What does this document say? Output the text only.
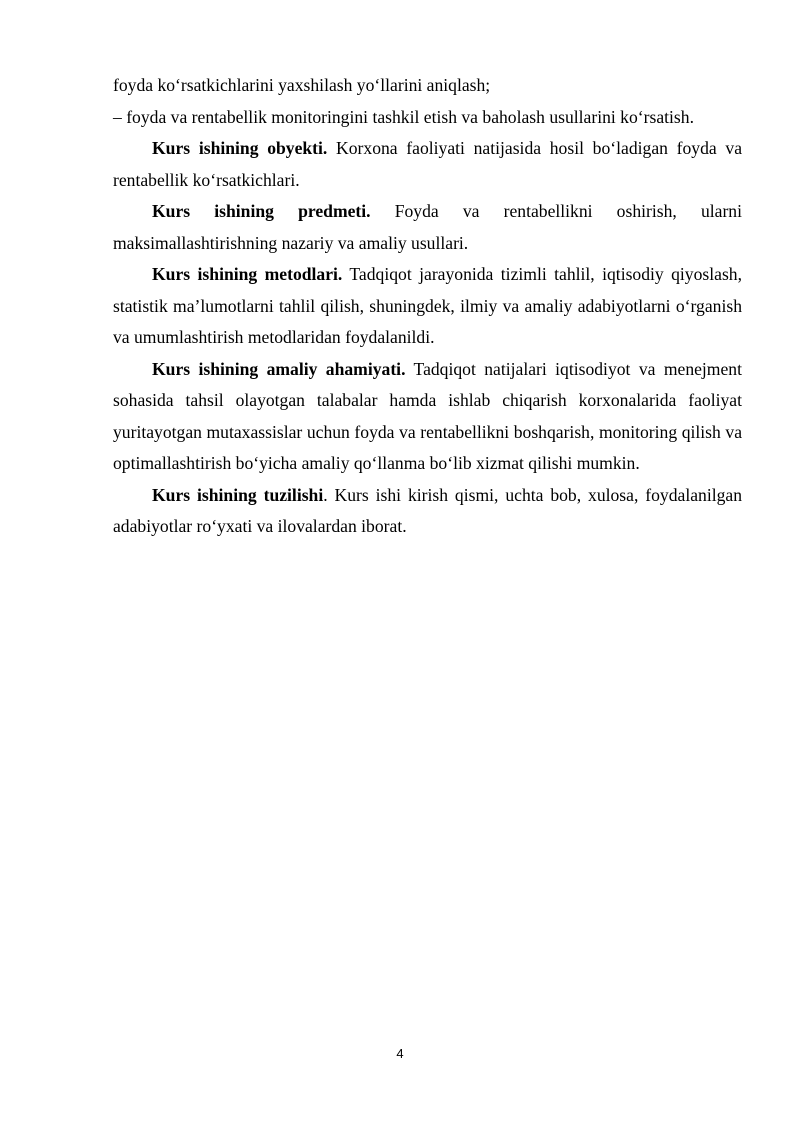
foyda koʻrsatkichlarini yaxshilash yoʻllarini aniqlash;

– foyda va rentabellik monitoringini tashkil etish va baholash usullarini koʻrsatish.

Kurs ishining obyekti. Korxona faoliyati natijasida hosil boʻladigan foyda va rentabellik koʻrsatkichlari.

Kurs ishining predmeti. Foyda va rentabellikni oshirish, ularni maksimallashtirishning nazariy va amaliy usullari.

Kurs ishining metodlari. Tadqiqot jarayonida tizimli tahlil, iqtisodiy qiyoslash, statistik ma’lumotlarni tahlil qilish, shuningdek, ilmiy va amaliy adabiyotlarni oʻrganish va umumlashtirish metodlaridan foydalanildi.

Kurs ishining amaliy ahamiyati. Tadqiqot natijalari iqtisodiyot va menejment sohasida tahsil olayotgan talabalar hamda ishlab chiqarish korxonalarida faoliyat yuritayotgan mutaxassislar uchun foyda va rentabellikni boshqarish, monitoring qilish va optimallashtirish boʻyicha amaliy qoʻllanma boʻlib xizmat qilishi mumkin.

Kurs ishining tuzilishi. Kurs ishi kirish qismi, uchta bob, xulosa, foydalanilgan adabiyotlar roʻyxati va ilovalardan iborat.

4
